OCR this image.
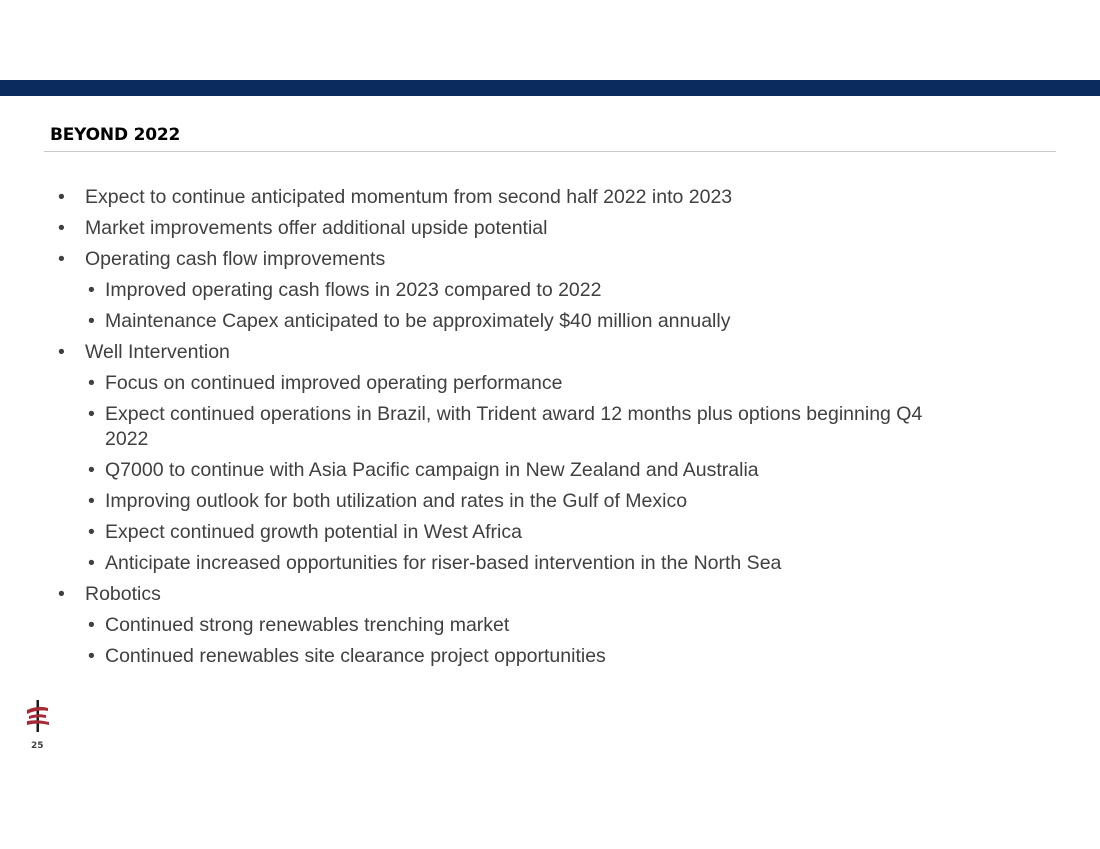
BEYOND 2022
• Expect to continue anticipated momentum from second half 2022 into 2023
• Market improvements offer additional upside potential
• Operating cash flow improvements
• Improved operating cash flows in 2023 compared to 2022
• Maintenance Capex anticipated to be approximately $40 million annually
• Well Intervention
• Focus on continued improved operating performance
• Expect continued operations in Brazil, with Trident award 12 months plus options beginning Q4 2022
• Q7000 to continue with Asia Pacific campaign in New Zealand and Australia
• Improving outlook for both utilization and rates in the Gulf of Mexico
• Expect continued growth potential in West Africa
• Anticipate increased opportunities for riser-based intervention in the North Sea
• Robotics
• Continued strong renewables trenching market
• Continued renewables site clearance project opportunities
25
